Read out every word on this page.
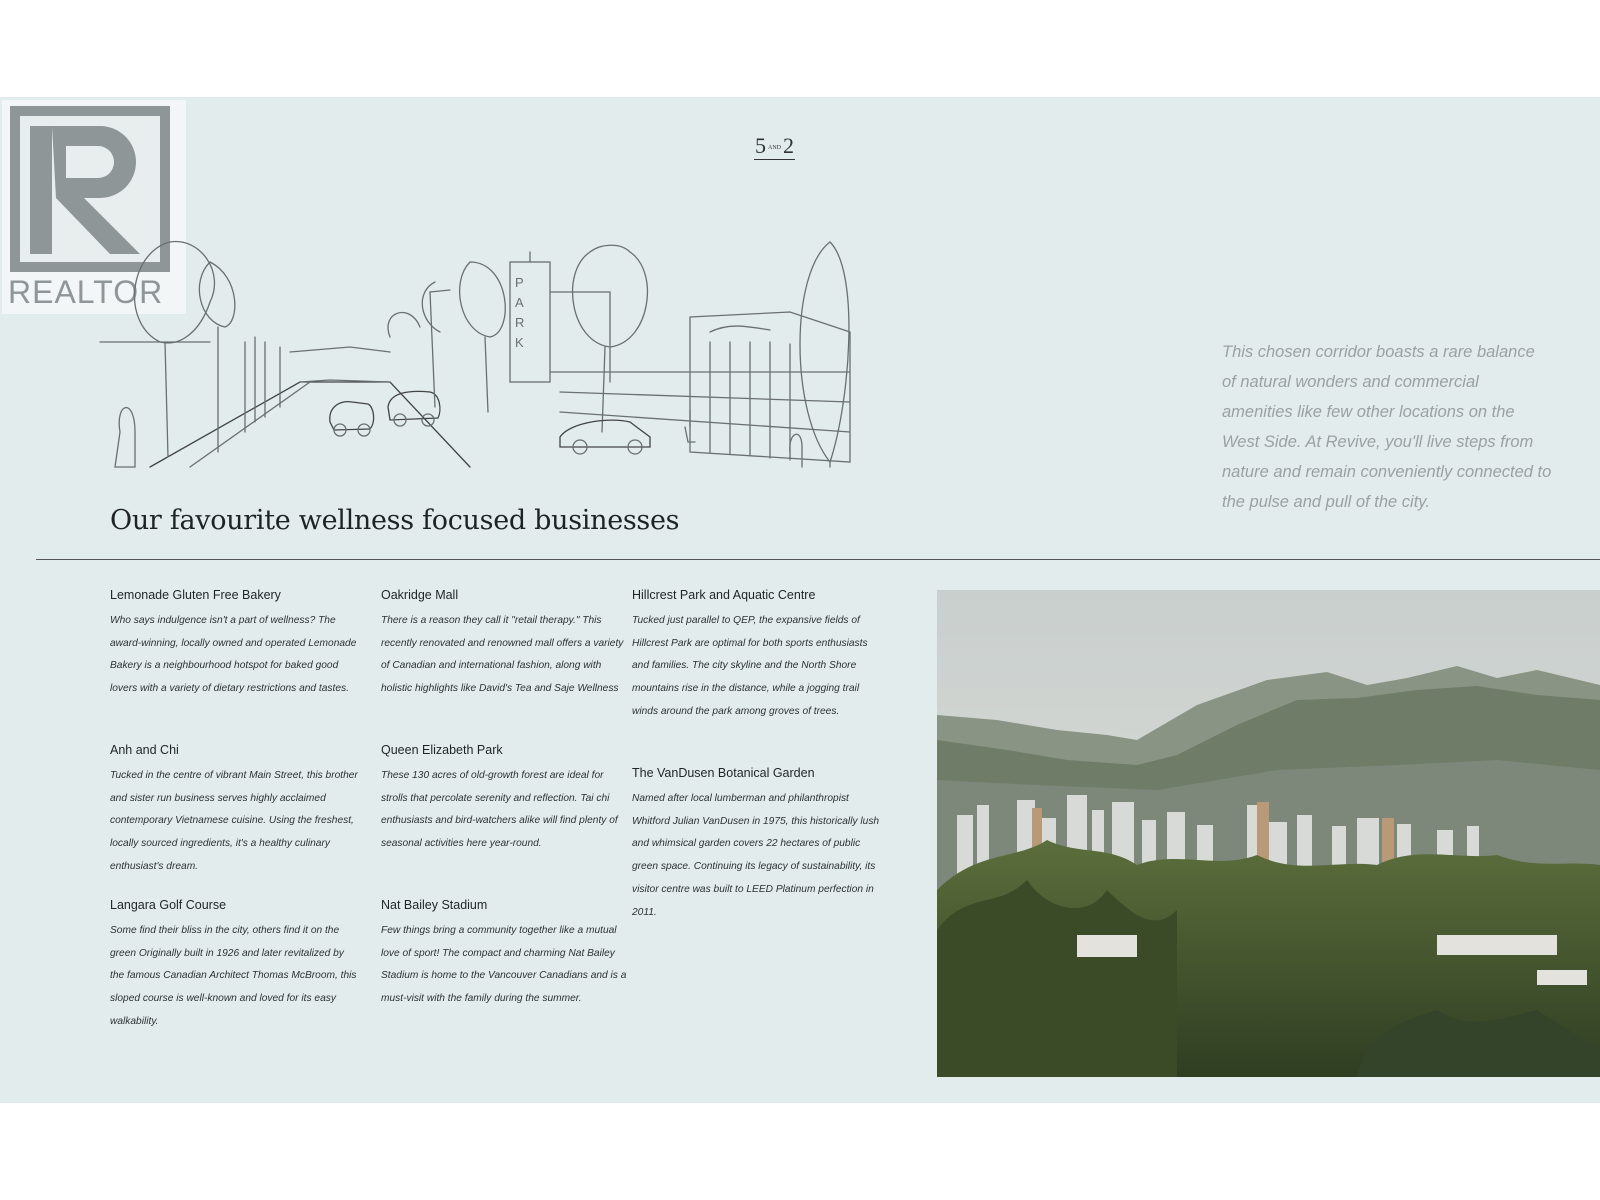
REALTOR
5 AND2
P
A
R
K	This chosen corridor boasts a rare balance of natural wonders and commercial amenities like few other locations on the West Side. At Revive, you'll live steps from nature and remain conveniently connected to the pulse and pull of the city.

Our favourite wellness focused businesses
Lemonade Gluten Free Bakery
Who says indulgence isn't a part of wellness? The award-winning, locally owned and operated Lemonade Bakery is a neighbourhood hotspot for baked good lovers with a variety of dietary restrictions and tastes.
Anh and Chi
Tucked in the centre of vibrant Main Street, this brother and sister run business serves highly acclaimed contemporary Vietnamese cuisine. Using the freshest, locally sourced ingredients, it's a healthy culinary enthusiast's dream.
Langara Golf Course
Some find their bliss in the city, others find it on the green Originally built in 1926 and later revitalized by the famous Canadian Architect Thomas McBroom, this sloped course is well-known and loved for its easy walkability.
Oakridge Mall
There is a reason they call it "retail therapy." This recently renovated and renowned mall offers a variety of Canadian and international fashion, along with holistic highlights like David's Tea and Saje Wellness
Queen Elizabeth Park
These 130 acres of old-growth forest are ideal for strolls that percolate serenity and reflection. Tai chi enthusiasts and bird-watchers alike will find plenty of seasonal activities here year-round.
Nat Bailey Stadium
Few things bring a community together like a mutual love of sport! The compact and charming Nat Bailey Stadium is home to the Vancouver Canadians and is a must-visit with the family during the summer.
Hillcrest Park and Aquatic Centre
Tucked just parallel to QEP, the expansive fields of Hillcrest Park are optimal for both sports enthusiasts and families. The city skyline and the North Shore mountains rise in the distance, while a jogging trail winds around the park among groves of trees.
The VanDusen Botanical Garden
Named after local lumberman and philanthropist Whitford Julian VanDusen in 1975, this historically lush and whimsical garden covers 22 hectares of public green space. Continuing its legacy of sustainability, its visitor centre was built to LEED Platinum perfection in 2011.
